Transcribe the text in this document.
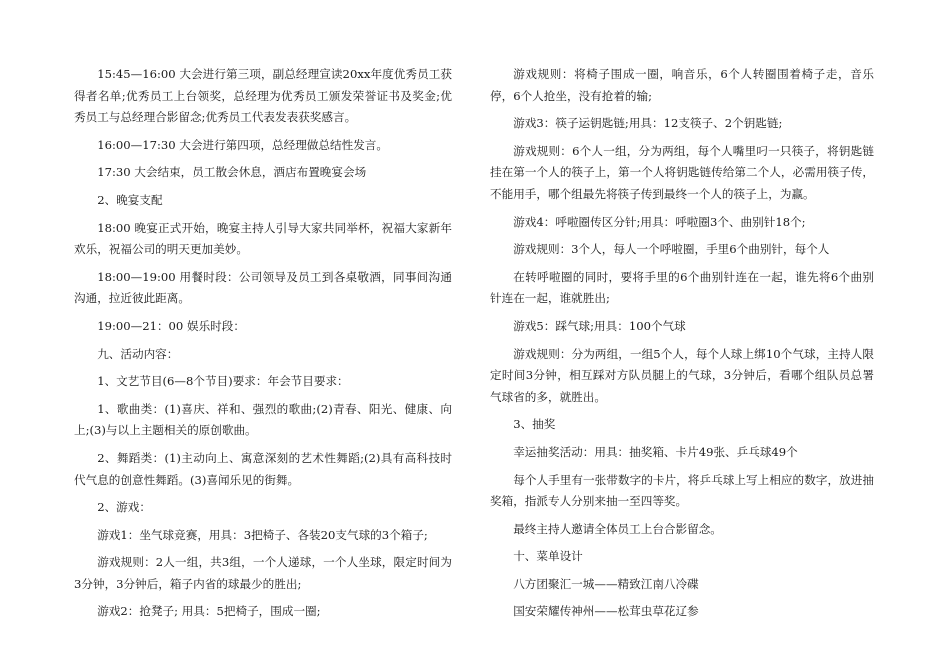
15:45—16:00 大会进行第三项，副总经理宣读20xx年度优秀员工获得者名单;优秀员工上台领奖，总经理为优秀员工颁发荣誉证书及奖金;优秀员工与总经理合影留念;优秀员工代表发表获奖感言。

16:00—17:30 大会进行第四项，总经理做总结性发言。

17:30 大会结束，员工散会休息，酒店布置晚宴会场

2、晚宴支配

18:00 晚宴正式开始，晚宴主持人引导大家共同举杯，祝福大家新年欢乐，祝福公司的明天更加美妙。

18:00—19:00 用餐时段：公司领导及员工到各桌敬酒，同事间沟通沟通，拉近彼此距离。

19:00—21：00 娱乐时段：

九、活动内容：

1、文艺节目(6—8个节目)要求：年会节目要求：

1、歌曲类：(1)喜庆、祥和、强烈的歌曲;(2)青春、阳光、健康、向上;(3)与以上主题相关的原创歌曲。

2、舞蹈类：(1)主动向上、寓意深刻的艺术性舞蹈;(2)具有高科技时代气息的创意性舞蹈。(3)喜闻乐见的街舞。

2、游戏：

游戏1：坐气球竞赛，用具：3把椅子、各装20支气球的3个箱子;

游戏规则：2人一组，共3组，一个人递球，一个人坐球，限定时间为3分钟，3分钟后，箱子内省的球最少的胜出;

游戏2：抢凳子; 用具：5把椅子，围成一圈;

游戏规则：将椅子围成一圈，响音乐，6个人转圈围着椅子走，音乐停，6个人抢坐，没有抢着的输;

游戏3：筷子运钥匙链;用具：12支筷子、2个钥匙链;

游戏规则：6个人一组，分为两组，每个人嘴里叼一只筷子，将钥匙链挂在第一个人的筷子上，第一个人将钥匙链传给第二个人，必需用筷子传，不能用手，哪个组最先将筷子传到最终一个人的筷子上，为赢。

游戏4：呼啦圈传区分针;用具：呼啦圈3个、曲别针18个;

游戏规则：3个人，每人一个呼啦圈，手里6个曲别针，每个人

在转呼啦圈的同时，要将手里的6个曲别针连在一起，谁先将6个曲别针连在一起，谁就胜出;

游戏5：踩气球;用具：100个气球

游戏规则：分为两组，一组5个人，每个人球上绑10个气球，主持人限定时间3分钟，相互踩对方队员腿上的气球，3分钟后，看哪个组队员总署气球省的多，就胜出。

3、抽奖

幸运抽奖活动：用具：抽奖箱、卡片49张、乒乓球49个

每个人手里有一张带数字的卡片，将乒乓球上写上相应的数字，放进抽奖箱，指派专人分别来抽一至四等奖。

最终主持人邀请全体员工上台合影留念。

十、菜单设计

八方团聚汇一城——精致江南八冷碟

国安荣耀传神州——松茸虫草花辽参
